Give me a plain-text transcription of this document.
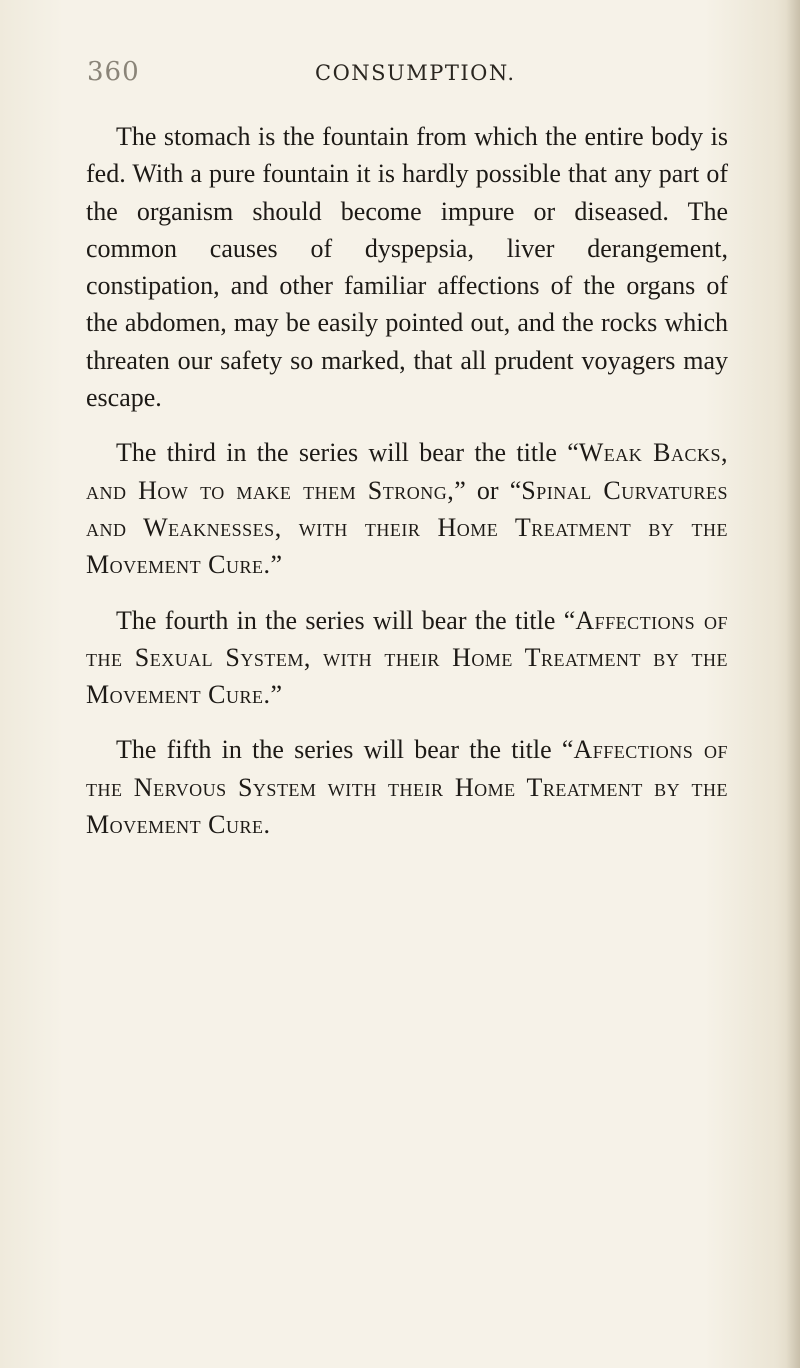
360	CONSUMPTION.

The stomach is the fountain from which the entire body is fed. With a pure fountain it is hardly possible that any part of the organism should become impure or diseased. The common causes of dyspepsia, liver derangement, constipation, and other familiar affections of the organs of the abdomen, may be easily pointed out, and the rocks which threaten our safety so marked, that all prudent voyagers may escape.

The third in the series will bear the title “Weak Backs, and How to make them Strong,” or “Spinal Curvatures and Weaknesses, with their Home Treatment by the Movement Cure.”

The fourth in the series will bear the title “Affections of the Sexual System, with their Home Treatment by the Movement Cure.”

The fifth in the series will bear the title “Affections of the Nervous System with their Home Treatment by the Movement Cure.
